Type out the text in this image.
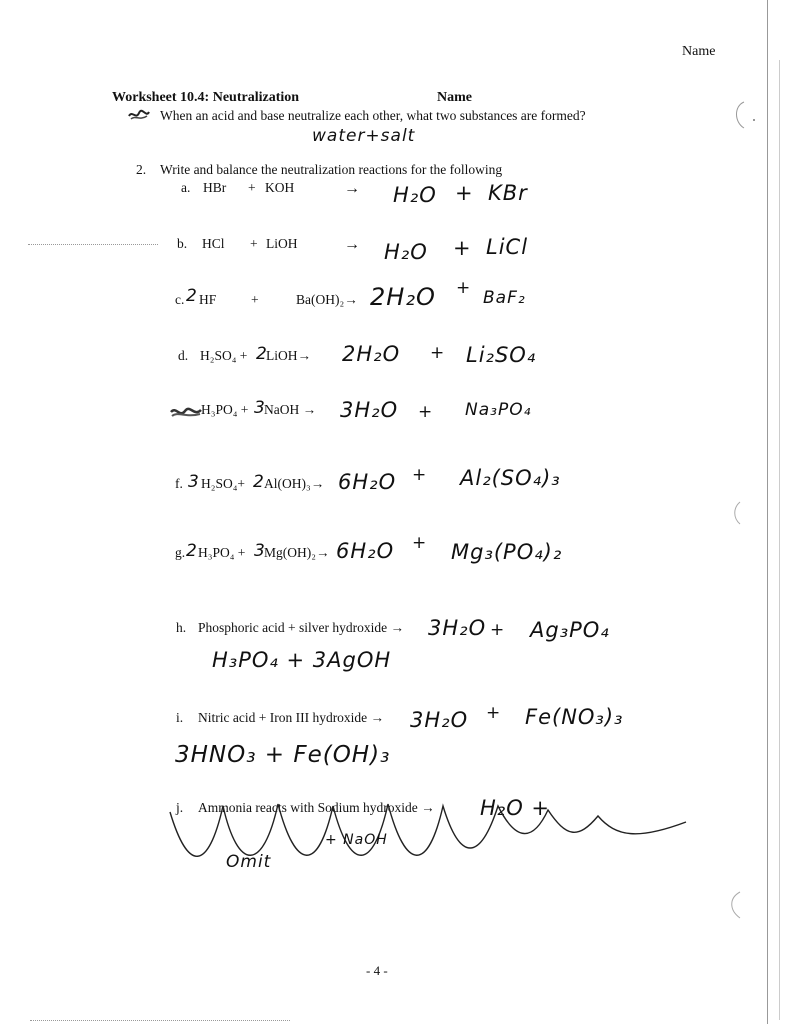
Name
Worksheet 10.4: Neutralization	Name
When an acid and base neutralize each other, what two substances are formed?
water+salt
2. Write and balance the neutralization reactions for the following
a. HBr + KOH	→ H₂O + KBr
b. HCl + LiOH	→ H₂O + LiCl
c. 2 HF	+	Ba(OH)₂→ 2H₂O + BaF₂
d. H₂SO₄ + 2
LiOH→ 2H₂O + Li₂SO₄
H₃PO₄ + 3
NaOH → 3H₂O + Na₃PO₄
f. 3 H₂SO₄+ 2 Al(OH)₃→ 6H₂O + Al₂(SO₄)₃
g. 2 H₃PO₄ + 3
Mg(OH)₂→ 6H₂O + Mg₃(PO₄)₂
h. Phosphoric acid + silver hydroxide → 3H₂O + Ag₃PO₄
H₃PO₄ + 3AgOH
i. Nitric acid + Iron III hydroxide → 3H₂O + Fe(NO₃)₃
3HNO₃ + Fe(OH)₃
j. Ammonia reacts with Sodium hydroxide → H₂O +
+ NaOH
Omit
- 4 -
